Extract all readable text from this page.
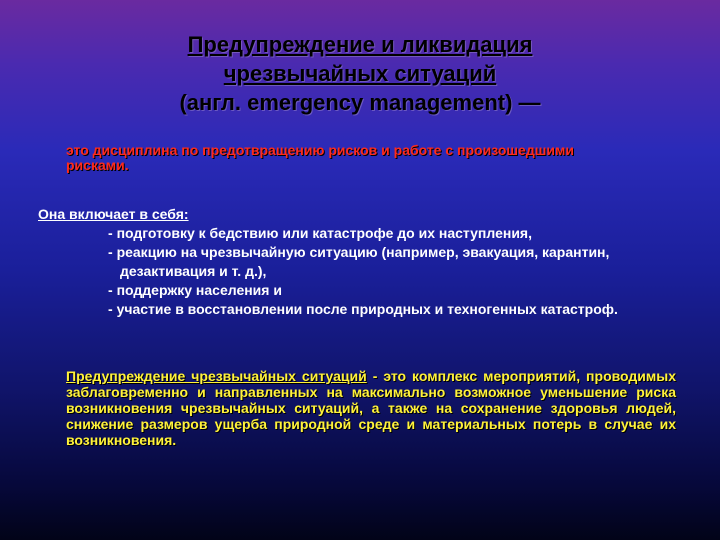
Предупреждение и ликвидация
чрезвычайных ситуаций
(англ. emergency management) —
это дисциплина по предотвращению рисков и работе с произошедшими рисками.
Она включает в себя:
- подготовку к бедствию или катастрофе до их наступления,
- реакцию на чрезвычайную ситуацию (например, эвакуация, карантин, дезактивация и т. д.),
- поддержку населения и
- участие в восстановлении после природных и техногенных катастроф.
Предупреждение чрезвычайных ситуаций - это комплекс мероприятий, проводимых заблаговременно и направленных на максимально возможное уменьшение риска возникновения чрезвычайных ситуаций, а также на сохранение здоровья людей, снижение размеров ущерба природной среде и материальных потерь в случае их возникновения.
